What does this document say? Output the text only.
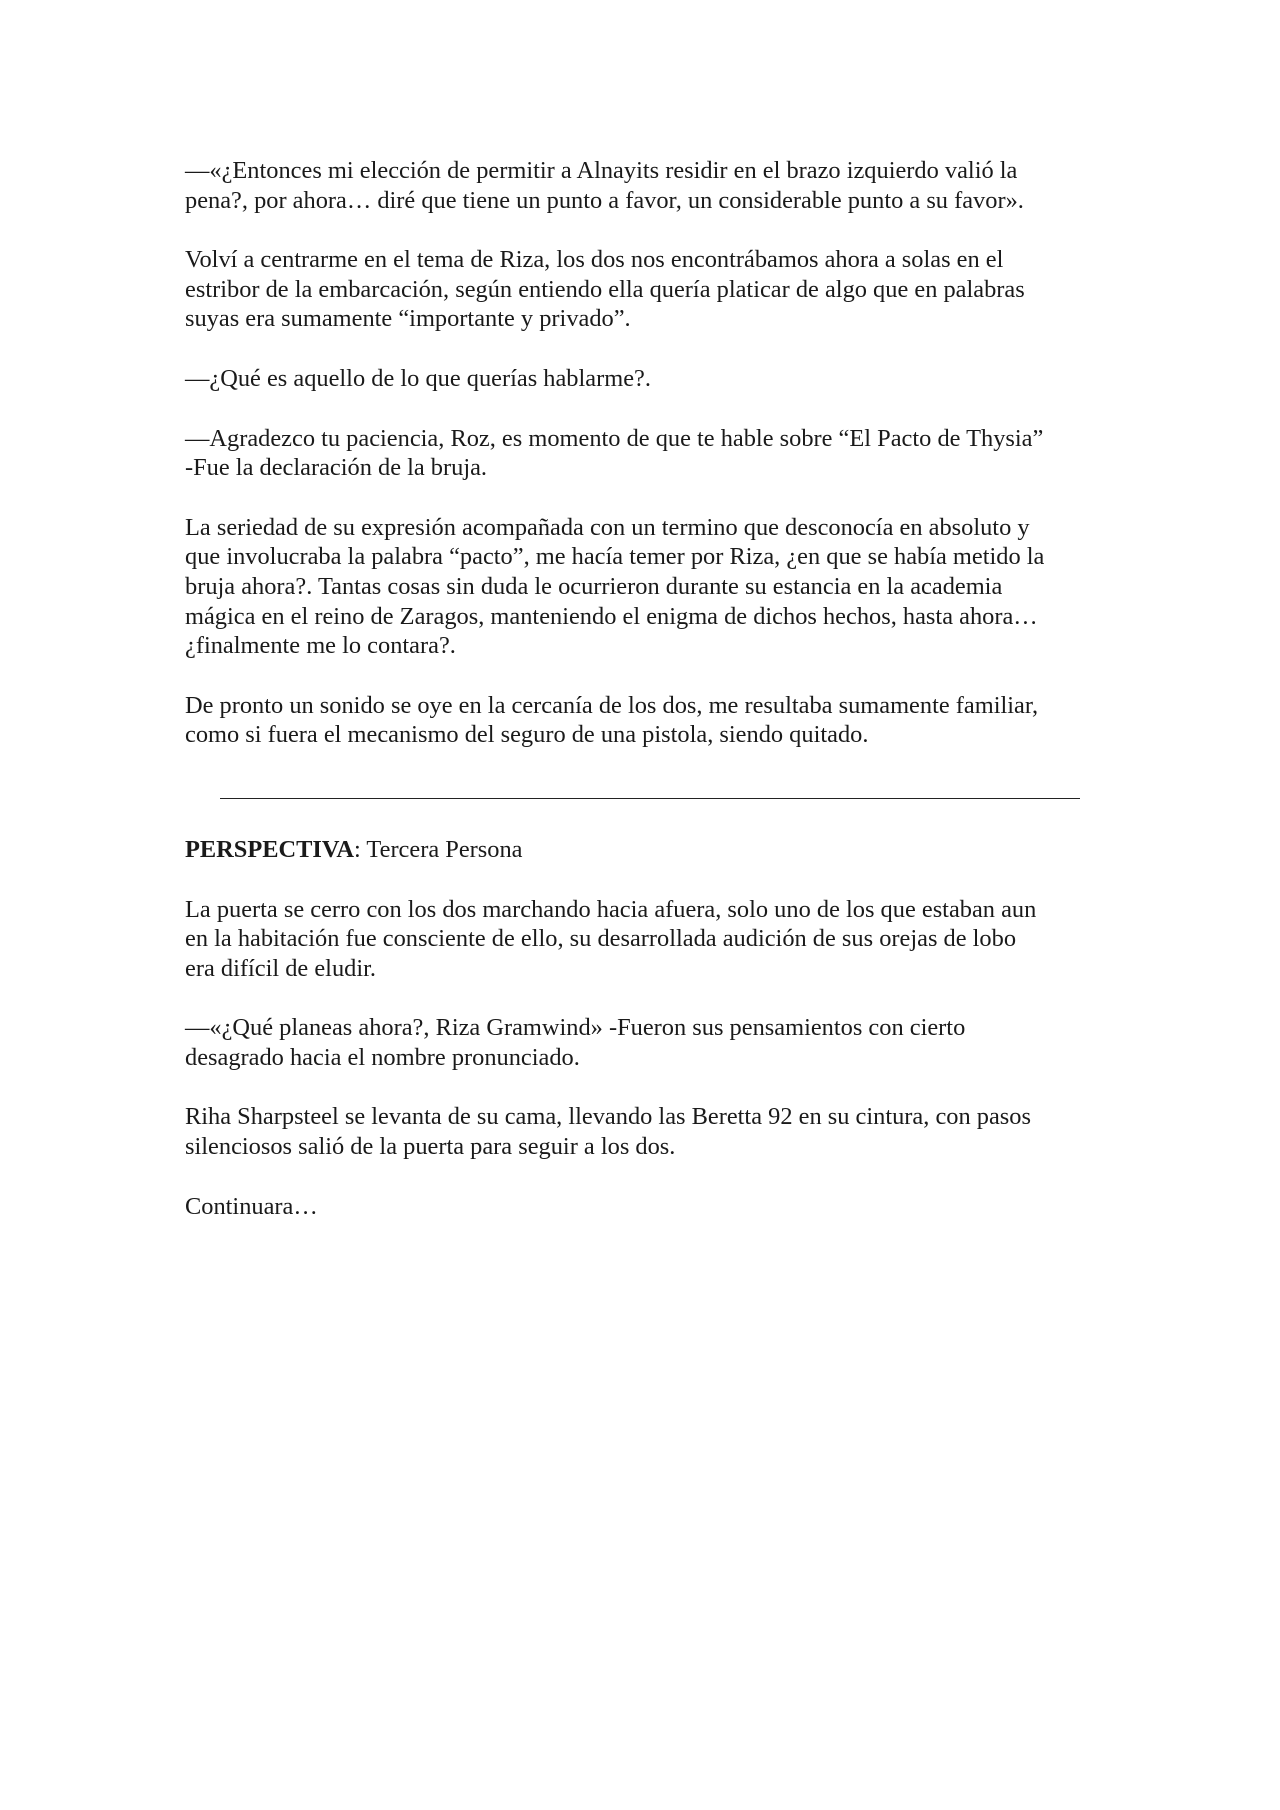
—«¿Entonces mi elección de permitir a Alnayits residir en el brazo izquierdo valió la
pena?, por ahora… diré que tiene un punto a favor, un considerable punto a su favor».

Volví a centrarme en el tema de Riza, los dos nos encontrábamos ahora a solas en el
estribor de la embarcación, según entiendo ella quería platicar de algo que en palabras
suyas era sumamente “importante y privado”.

—¿Qué es aquello de lo que querías hablarme?.

—Agradezco tu paciencia, Roz, es momento de que te hable sobre “El Pacto de Thysia”
-Fue la declaración de la bruja.

La seriedad de su expresión acompañada con un termino que desconocía en absoluto y
que involucraba la palabra “pacto”, me hacía temer por Riza, ¿en que se había metido la
bruja ahora?. Tantas cosas sin duda le ocurrieron durante su estancia en la academia
mágica en el reino de Zaragos, manteniendo el enigma de dichos hechos, hasta ahora…
¿finalmente me lo contara?.

De pronto un sonido se oye en la cercanía de los dos, me resultaba sumamente familiar,
como si fuera el mecanismo del seguro de una pistola, siendo quitado.

PERSPECTIVA: Tercera Persona

La puerta se cerro con los dos marchando hacia afuera, solo uno de los que estaban aun
en la habitación fue consciente de ello, su desarrollada audición de sus orejas de lobo
era difícil de eludir.

—«¿Qué planeas ahora?, Riza Gramwind» -Fueron sus pensamientos con cierto
desagrado hacia el nombre pronunciado.

Riha Sharpsteel se levanta de su cama, llevando las Beretta 92 en su cintura, con pasos
silenciosos salió de la puerta para seguir a los dos.

Continuara…
